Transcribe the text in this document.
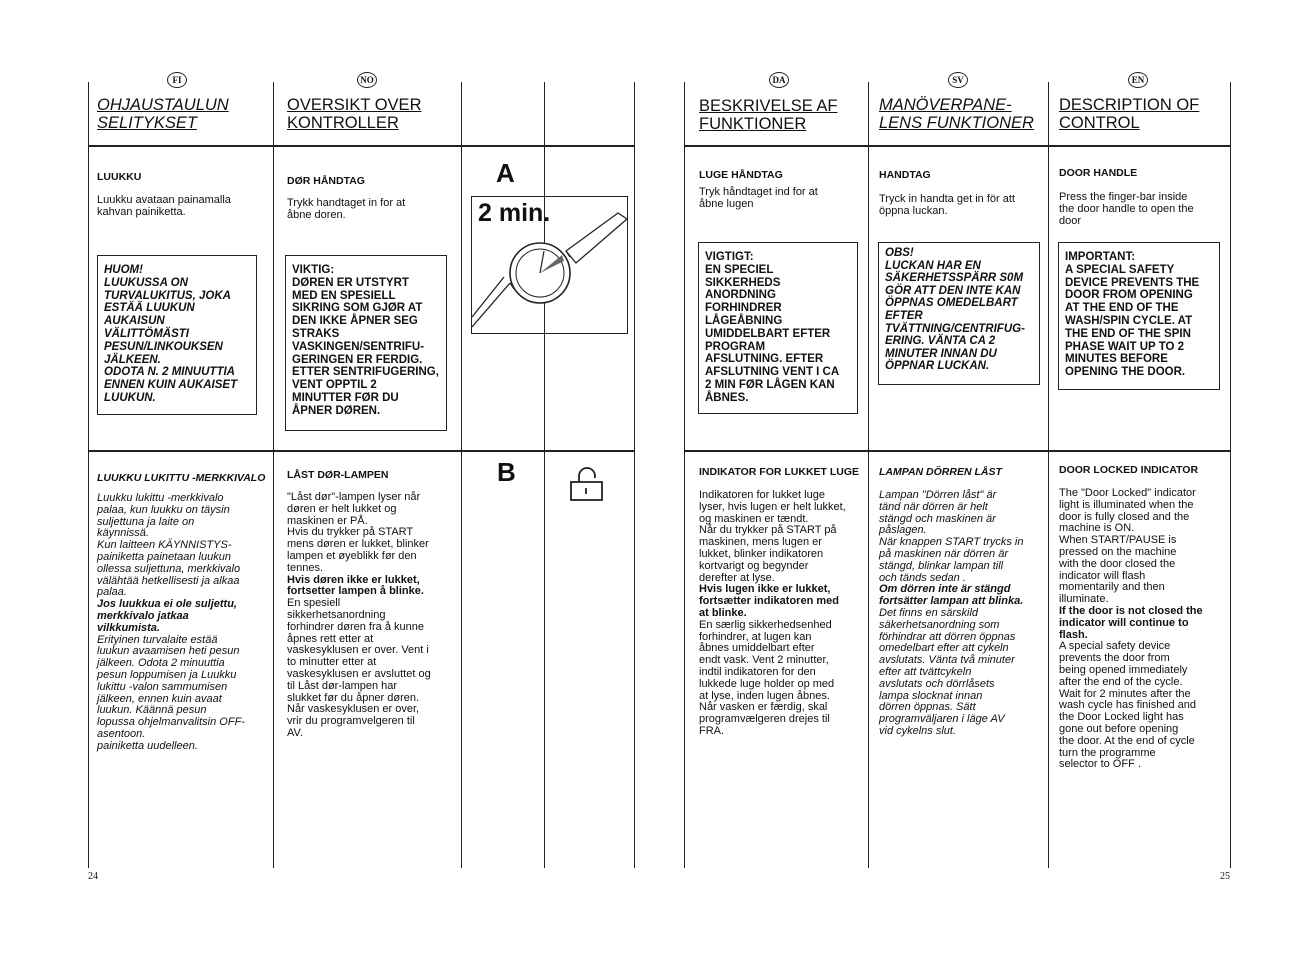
FI	NO	DA	SV	EN
OHJAUSTAULUN
SELITYKSET
OVERSIKT OVER
KONTROLLER
BESKRIVELSE AF
FUNKTIONER
MANÖVERPANE-
LENS FUNKTIONER
DESCRIPTION OF
CONTROL
LUUKKU
Luukku avataan painamalla
kahvan painiketta.
HUOM!
LUUKUSSA ON
TURVALUKITUS, JOKA
ESTÄÄ LUUKUN
AUKAISUN
VÄLITTÖMÄSTI
PESUN/LINKOUKSEN
JÄLKEEN.
ODOTA N. 2 MINUUTTIA
ENNEN KUIN AUKAISET
LUUKUN.
LUUKKU LUKITTU -MERKKIVALO
Luukku lukittu -merkkivalo
palaa, kun luukku on täysin
suljettuna ja laite on
käynnissä.
Kun laitteen KÄYNNISTYS-
painiketta painetaan luukun
ollessa suljettuna, merkkivalo
välähtää hetkellisesti ja alkaa
palaa.
Jos luukkua ei ole suljettu,
merkkivalo jatkaa
vilkkumista.
Erityinen turvalaite estää
luukun avaamisen heti pesun
jälkeen. Odota 2 minuuttia
pesun loppumisen ja Luukku
lukittu -valon sammumisen
jälkeen, ennen kuin avaat
luukun. Käännä pesun
lopussa ohjelmanvalitsin OFF-
asentoon.
painiketta uudelleen.
DØR HÅNDTAG
Trykk handtaget in for at
åbne doren.
VIKTIG:
DØREN ER UTSTYRT
MED EN SPESIELL
SIKRING SOM GJØR AT
DEN IKKE ÅPNER SEG
STRAKS
VASKINGEN/SENTRIFU-
GERINGEN ER FERDIG.
ETTER SENTRIFUGERING,
VENT OPPTIL 2
MINUTTER FØR DU
ÅPNER DØREN.
LÅST DØR-LAMPEN
"Låst dør"-lampen lyser når
døren er helt lukket og
maskinen er PÅ.
Hvis du trykker på START
mens døren er lukket, blinker
lampen et øyeblikk før den
tennes.
Hvis døren ikke er lukket,
fortsetter lampen å blinke.
En spesiell
sikkerhetsanordning
forhindrer døren fra å kunne
åpnes rett etter at
vaskesyklusen er over. Vent i
to minutter etter at
vaskesyklusen er avsluttet og
til Låst dør-lampen har
slukket før du åpner døren.
Når vaskesyklusen er over,
vrir du programvelgeren til
AV.
A
2 min.
B
LUGE HÅNDTAG
Tryk håndtaget ind for at
åbne lugen
VIGTIGT:
EN SPECIEL
SIKKERHEDS
ANORDNING
FORHINDRER
LÅGEÅBNING
UMIDDELBART EFTER
PROGRAM
AFSLUTNING. EFTER
AFSLUTNING VENT I CA
2 MIN FØR LÅGEN KAN
ÅBNES.
INDIKATOR FOR LUKKET LUGE
Indikatoren for lukket luge
lyser, hvis lugen er helt lukket,
og maskinen er tændt.
Når du trykker på START på
maskinen, mens lugen er
lukket, blinker indikatoren
kortvarigt og begynder
derefter at lyse.
Hvis lugen ikke er lukket,
fortsætter indikatoren med
at blinke.
En særlig sikkerhedsenhed
forhindrer, at lugen kan
åbnes umiddelbart efter
endt vask. Vent 2 minutter,
indtil indikatoren for den
lukkede luge holder op med
at lyse, inden lugen åbnes.
Når vasken er færdig, skal
programvælgeren drejes til
FRA.
HANDTAG
Tryck in handta get in för att
öppna luckan.
OBS!
LUCKAN HAR EN
SÄKERHETSSPÄRR S0M
GÖR ATT DEN INTE KAN
ÖPPNAS OMEDELBART
EFTER
TVÄTTNING/CENTRIFUG-
ERING. VÄNTA CA 2
MINUTER INNAN DU
ÖPPNAR LUCKAN.
LAMPAN DÖRREN LÅST
Lampan "Dörren låst" är
tänd när dörren är helt
stängd och maskinen är
påslagen.
När knappen START trycks in
på maskinen när dörren är
stängd, blinkar lampan till
och tänds sedan .
Om dörren inte är stängd
fortsätter lampan att blinka.
Det finns en särskild
säkerhetsanordning som
förhindrar att dörren öppnas
omedelbart efter att cykeln
avslutats. Vänta två minuter
efter att tvättcykeln
avslutats och dörrlåsets
lampa slocknat innan
dörren öppnas. Sätt
programväljaren i läge AV
vid cykelns slut.
DOOR HANDLE
Press the finger-bar inside
the door handle to open the
door
IMPORTANT:
A SPECIAL SAFETY
DEVICE PREVENTS THE
DOOR FROM OPENING
AT THE END OF THE
WASH/SPIN CYCLE. AT
THE END OF THE SPIN
PHASE WAIT UP TO 2
MINUTES BEFORE
OPENING THE DOOR.
DOOR LOCKED INDICATOR
The "Door Locked" indicator
light is illuminated when the
door is fully closed and the
machine is ON.
When START/PAUSE is
pressed on the machine
with the door closed the
indicator will flash
momentarily and then
illuminate.
If the door is not closed the
indicator will continue to
flash.
A special safety device
prevents the door from
being opened immediately
after the end of the cycle.
Wait for 2 minutes after the
wash cycle has finished and
the Door Locked light has
gone out before opening
the door. At the end of cycle
turn the programme
selector to OFF .
24	25
